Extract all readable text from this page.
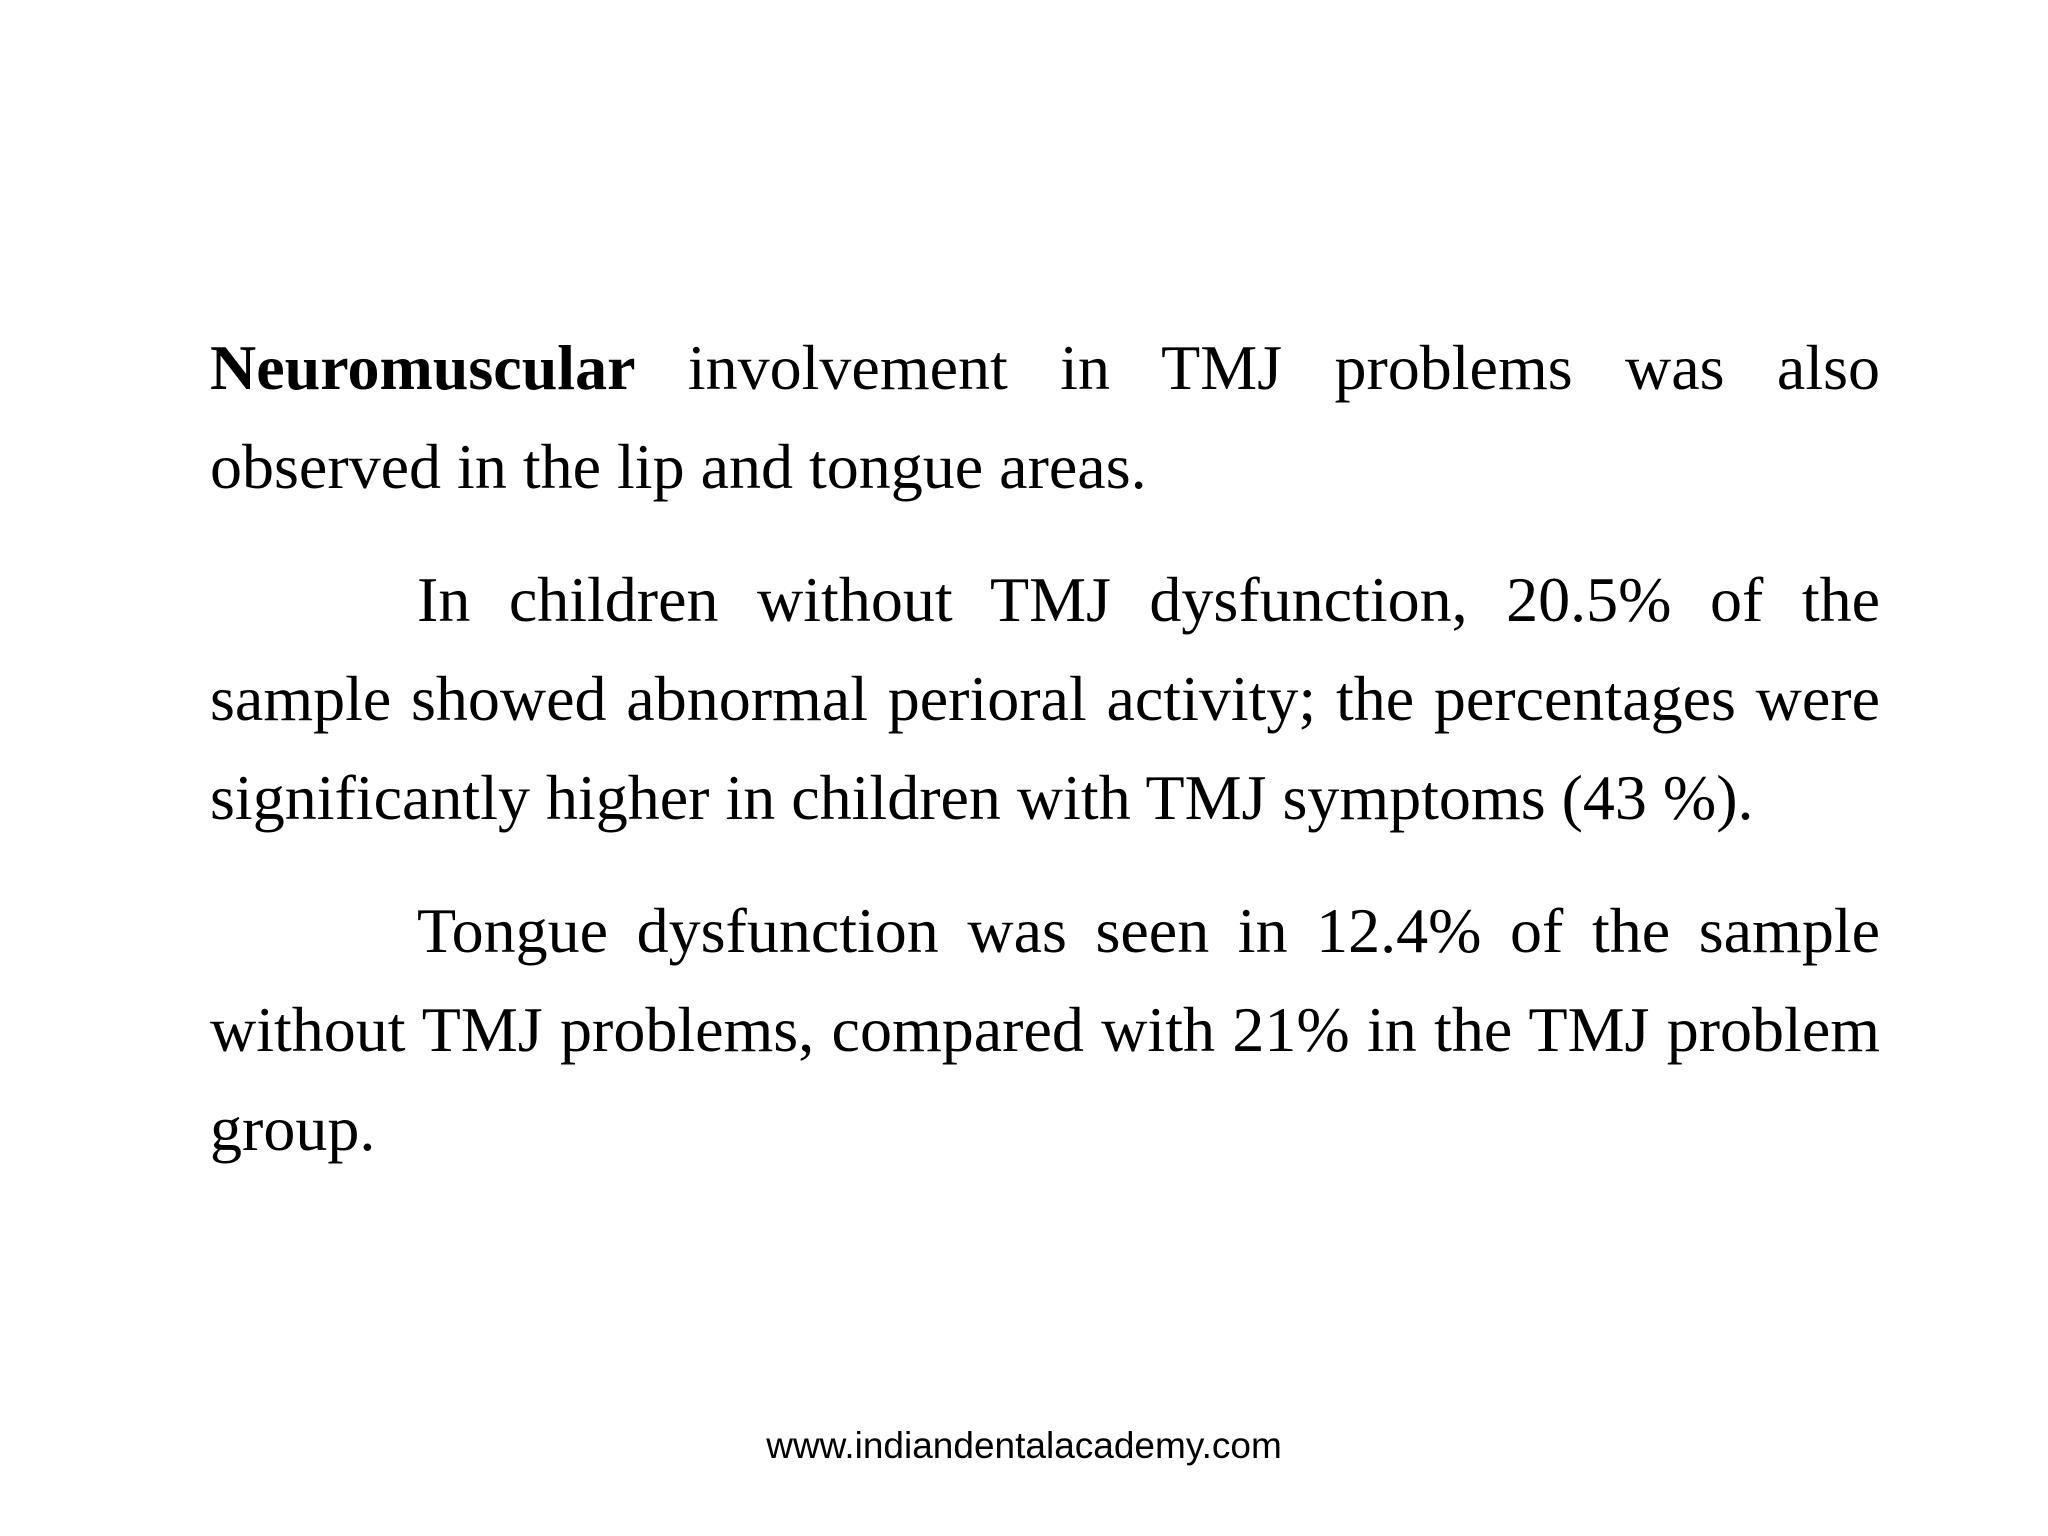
Neuromuscular involvement in TMJ problems was also observed in the lip and tongue areas.

In children without TMJ dysfunction, 20.5% of the sample showed abnormal perioral activity; the percentages were significantly higher in children with TMJ symptoms (43 %).

Tongue dysfunction was seen in 12.4% of the sample without TMJ problems, compared with 21% in the TMJ problem group.

www.indiandentalacademy.com
